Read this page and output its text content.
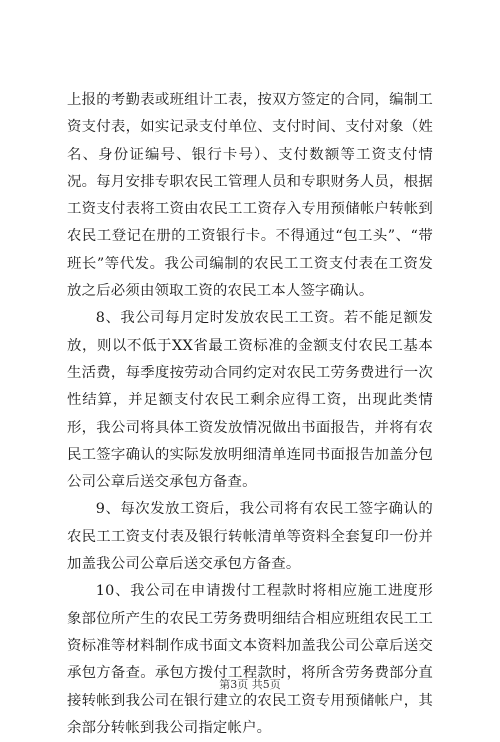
上报的考勤表或班组计工表，按双方签定的合同，编制工资支付表，如实记录支付单位、支付时间、支付对象（姓名、身份证编号、银行卡号）、支付数额等工资支付情况。每月安排专职农民工管理人员和专职财务人员，根据工资支付表将工资由农民工工资存入专用预储帐户转帐到农民工登记在册的工资银行卡。不得通过“包工头”、“带班长”等代发。我公司编制的农民工工资支付表在工资发放之后必须由领取工资的农民工本人签字确认。

8、我公司每月定时发放农民工工资。若不能足额发放，则以不低于XX省最工资标准的金额支付农民工基本生活费，每季度按劳动合同约定对农民工劳务费进行一次性结算，并足额支付农民工剩余应得工资，出现此类情形，我公司将具体工资发放情况做出书面报告，并将有农民工签字确认的实际发放明细清单连同书面报告加盖分包公司公章后送交承包方备查。

9、每次发放工资后，我公司将有农民工签字确认的农民工工资支付表及银行转帐清单等资料全套复印一份并加盖我公司公章后送交承包方备查。

10、我公司在申请拨付工程款时将相应施工进度形象部位所产生的农民工劳务费明细结合相应班组农民工工资标准等材料制作成书面文本资料加盖我公司公章后送交承包方备查。承包方拨付工程款时，将所含劳务费部分直接转帐到我公司在银行建立的农民工资专用预储帐户，其余部分转帐到我公司指定帐户。

第3页 共5页
